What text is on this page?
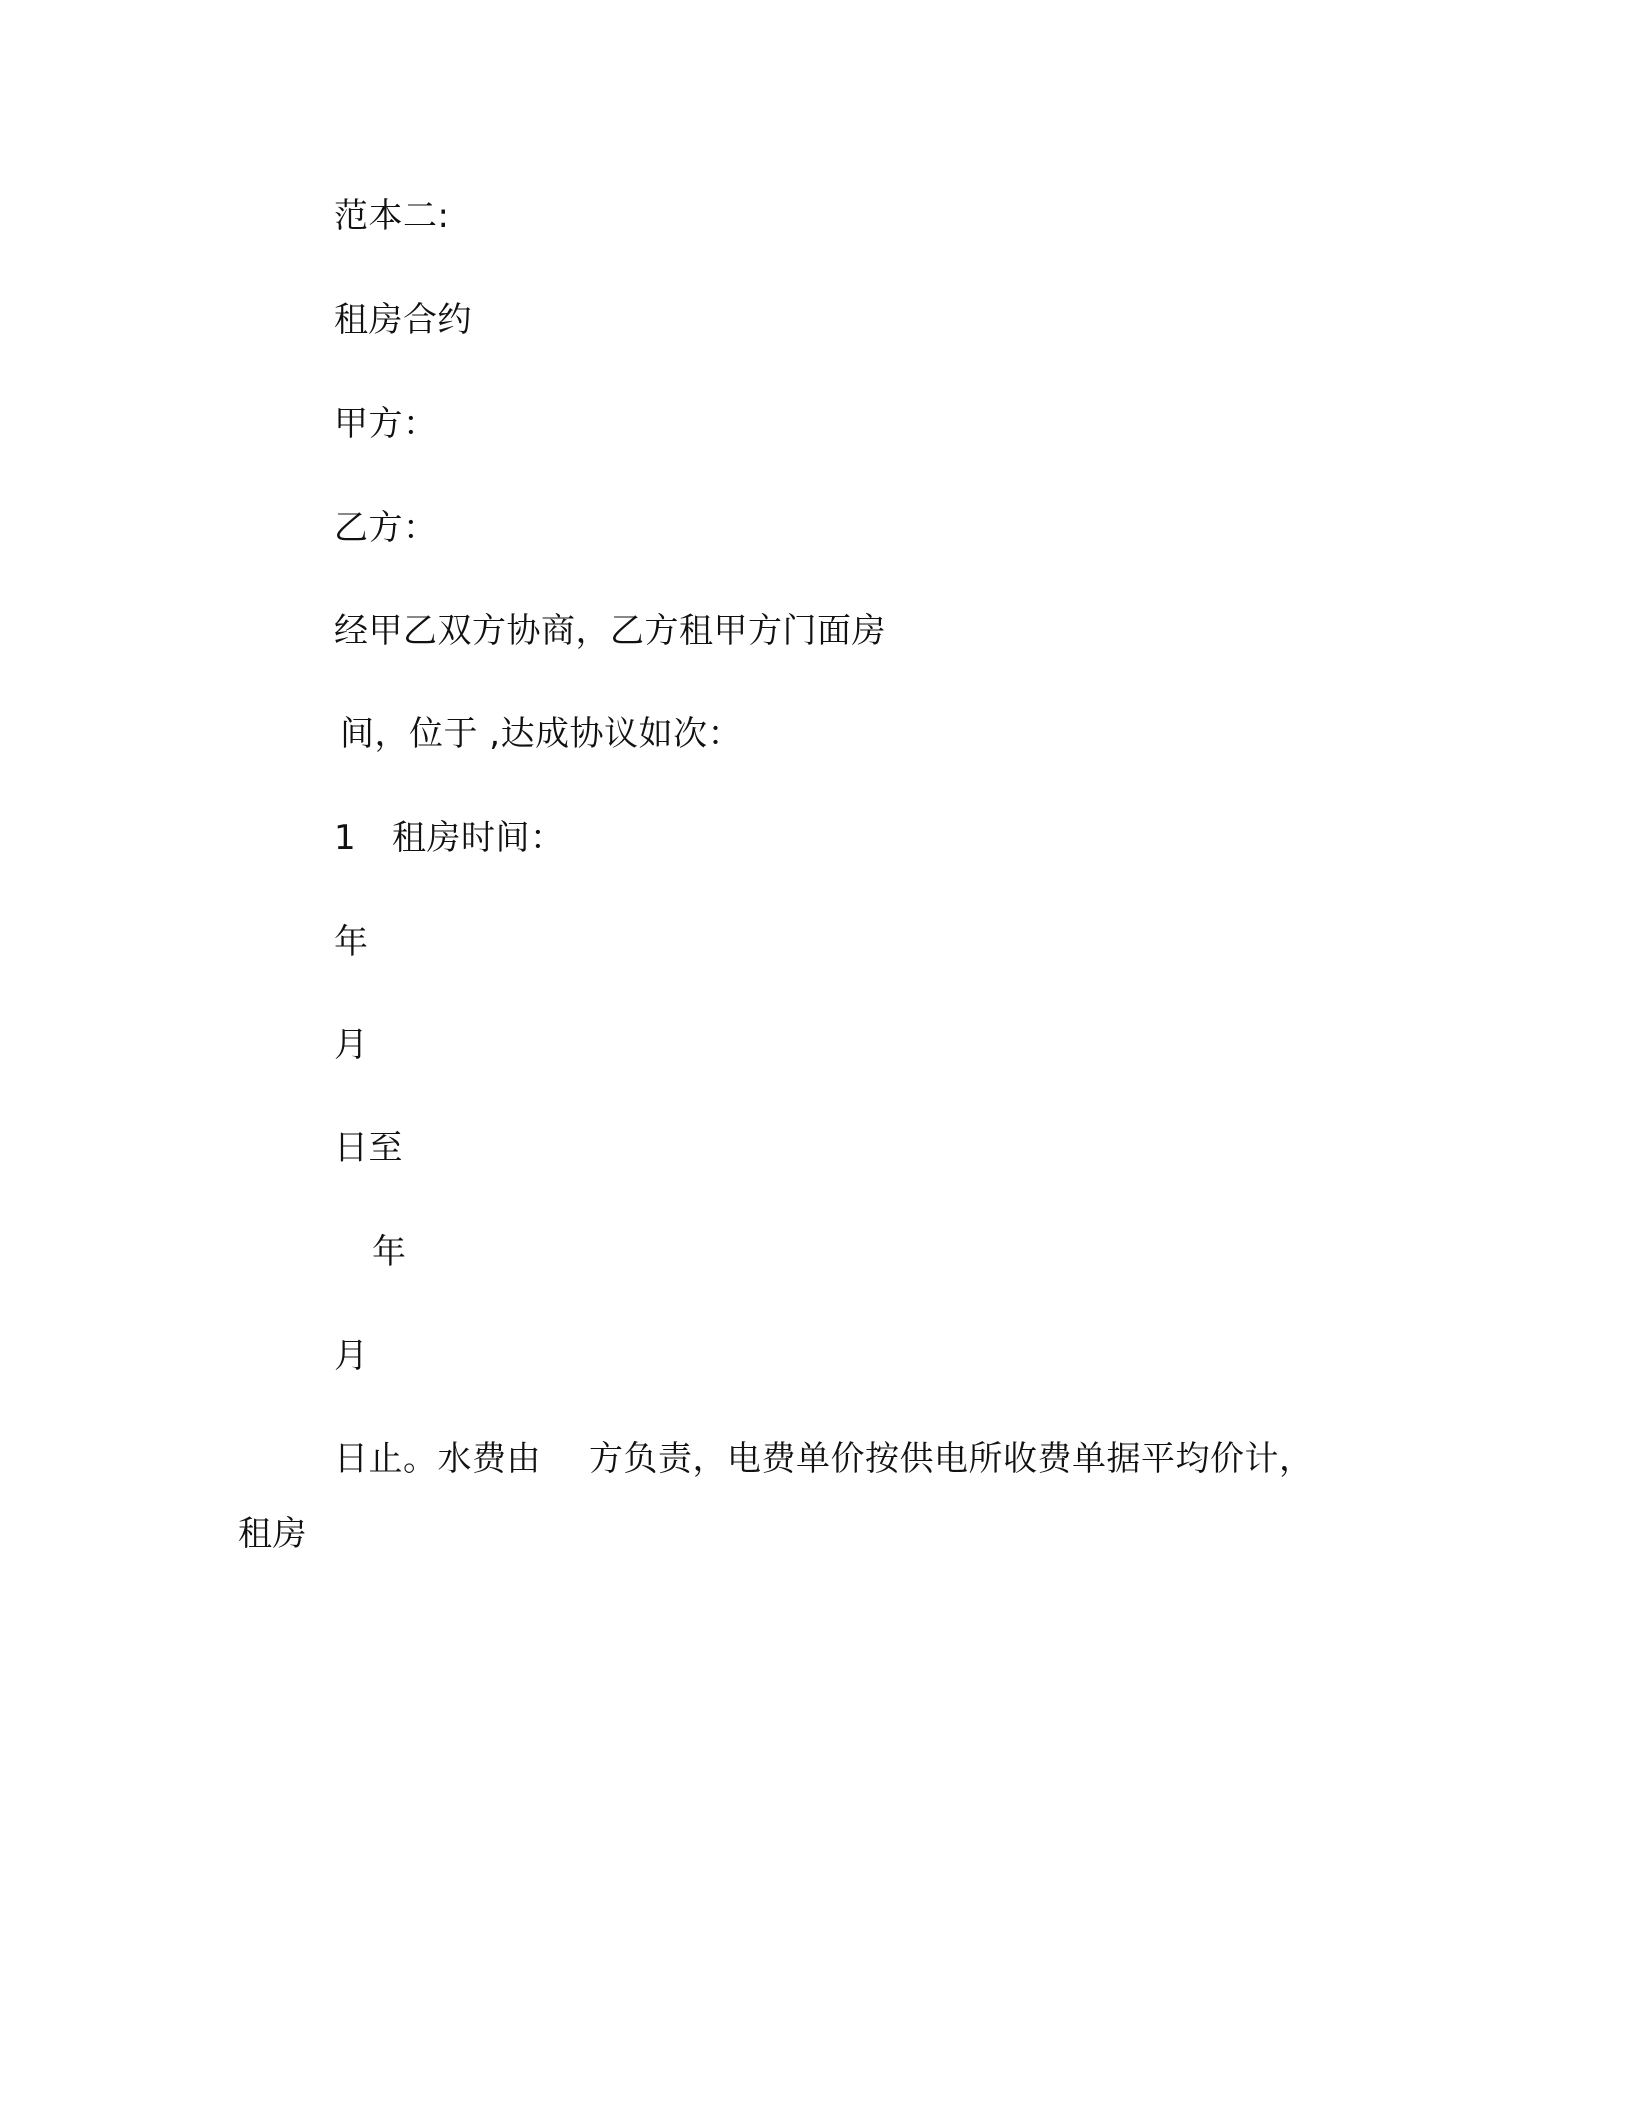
范本二:
租房合约
甲方：
乙方：
经甲乙双方协商，乙方租甲方门面房
间，位于 ,达成协议如次：
1 租房时间：
年
月
日至
年
月
日止。水费由 方负责，电费单价按供电所收费单据平均价计，
租房
